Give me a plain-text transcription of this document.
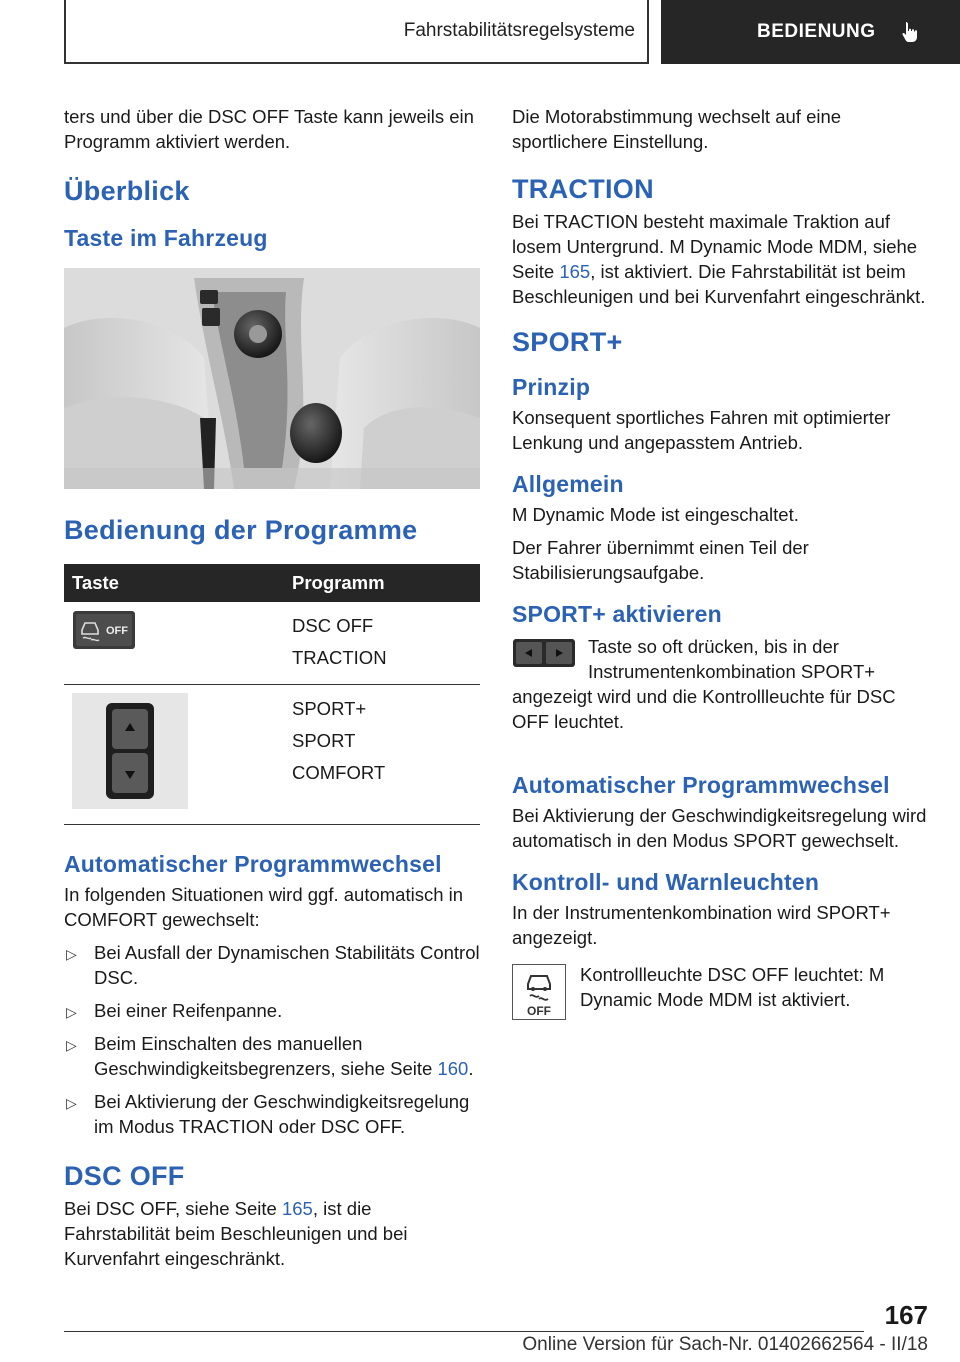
Fahrstabilitätsregelsysteme	BEDIENUNG

ters und über die DSC OFF Taste kann jeweils ein Programm aktiviert werden.

Überblick
Taste im Fahrzeug
Bedienung der Programme
Taste	Programm

OFF	DSC OFF
TRACTION

SPORT+
SPORT
COMFORT
Automatischer Programmwechsel

In folgenden Situationen wird ggf. automatisch in COMFORT gewechselt:

▷ Bei Ausfall der Dynamischen Stabilitäts Control DSC.
▷ Bei einer Reifenpanne.
▷ Beim Einschalten des manuellen Geschwindigkeitsbegrenzers, siehe Seite 160.
▷ Bei Aktivierung der Geschwindigkeitsregelung im Modus TRACTION oder DSC OFF.
DSC OFF

Bei DSC OFF, siehe Seite 165, ist die Fahrstabilität beim Beschleunigen und bei Kurvenfahrt eingeschränkt.

Die Motorabstimmung wechselt auf eine sportlichere Einstellung.

TRACTION

Bei TRACTION besteht maximale Traktion auf losem Untergrund. M Dynamic Mode MDM, siehe Seite 165, ist aktiviert. Die Fahrstabilität ist beim Beschleunigen und bei Kurvenfahrt eingeschränkt.

SPORT+
Prinzip

Konsequent sportliches Fahren mit optimierter Lenkung und angepasstem Antrieb.

Allgemein

M Dynamic Mode ist eingeschaltet.

Der Fahrer übernimmt einen Teil der Stabilisierungsaufgabe.

SPORT+ aktivieren
Taste so oft drücken, bis in der Instrumentenkombination SPORT+ angezeigt wird und die Kontrollleuchte für DSC OFF leuchtet.
Automatischer Programmwechsel

Bei Aktivierung der Geschwindigkeitsregelung wird automatisch in den Modus SPORT gewechselt.

Kontroll- und Warnleuchten

In der Instrumentenkombination wird SPORT+ angezeigt.

OFF
Kontrollleuchte DSC OFF leuchtet: M Dynamic Mode MDM ist aktiviert.
167
Online Version für Sach-Nr. 01402662564 - II/18
